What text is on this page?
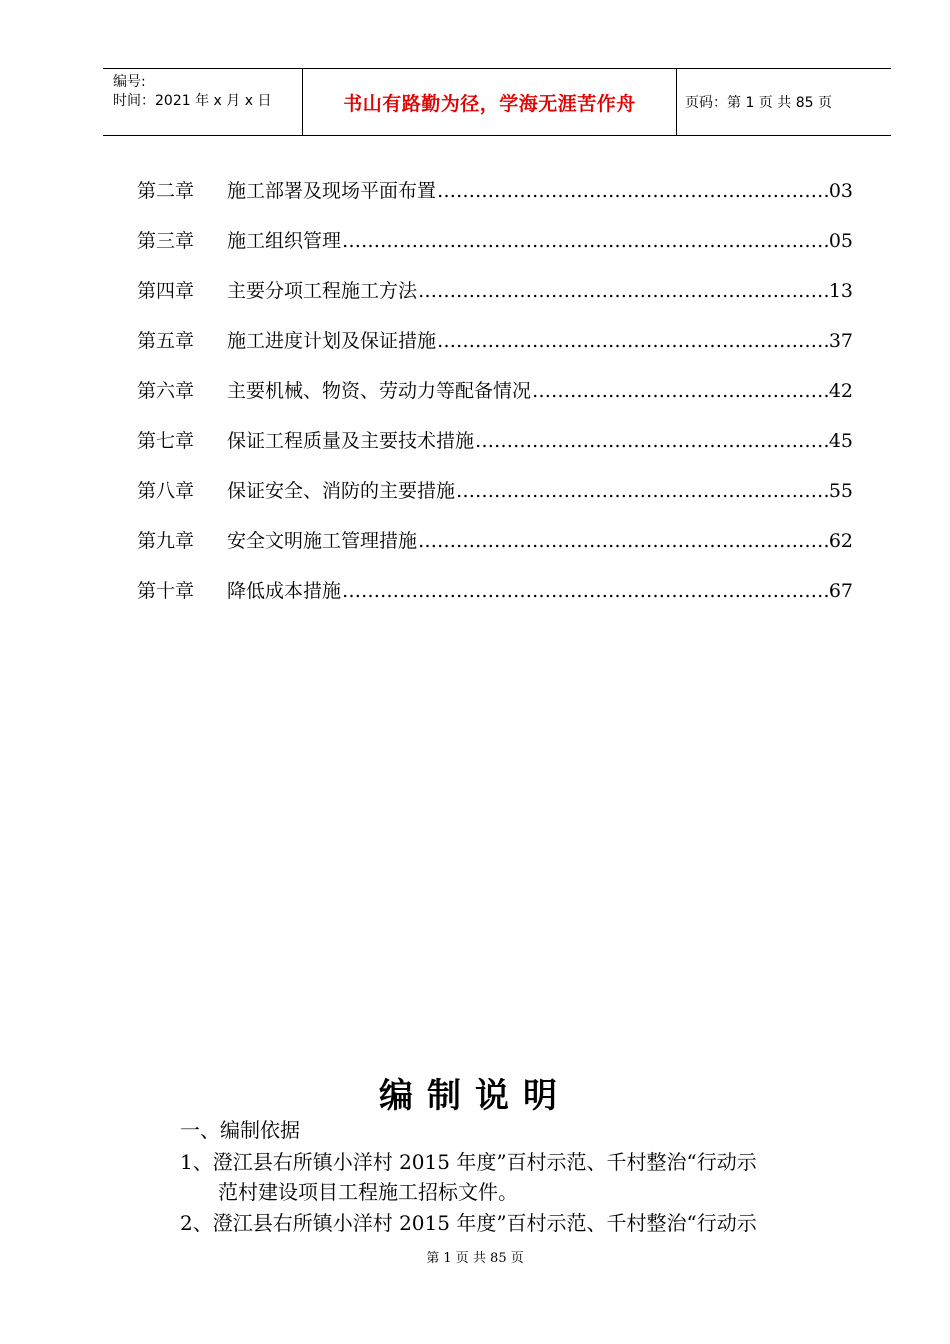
编号:
时间：2021 年 x 月 x 日	书山有路勤为径，学海无涯苦作舟	页码：第 1 页 共 85 页
第二章	施工部署及现场平面布置 …………………………………………………………………………………………………………	03
第三章	施工组织管理 …………………………………………………………………………………………………………	05
第四章	主要分项工程施工方法 …………………………………………………………………………………………………………	13
第五章	施工进度计划及保证措施 …………………………………………………………………………………………………………	37
第六章	主要机械、物资、劳动力等配备情况 …………………………………………………………………………………………………………	42
第七章	保证工程质量及主要技术措施 …………………………………………………………………………………………………………	45
第八章	保证安全、消防的主要措施 …………………………………………………………………………………………………………	55
第九章	安全文明施工管理措施 …………………………………………………………………………………………………………	62
第十章	降低成本措施 …………………………………………………………………………………………………………	67
编制说明
一、编制依据
1、澄江县右所镇小洋村 2015 年度”百村示范、千村整治“行动示
范村建设项目工程施工招标文件。
2、澄江县右所镇小洋村 2015 年度”百村示范、千村整治“行动示
第 1 页 共 85 页
